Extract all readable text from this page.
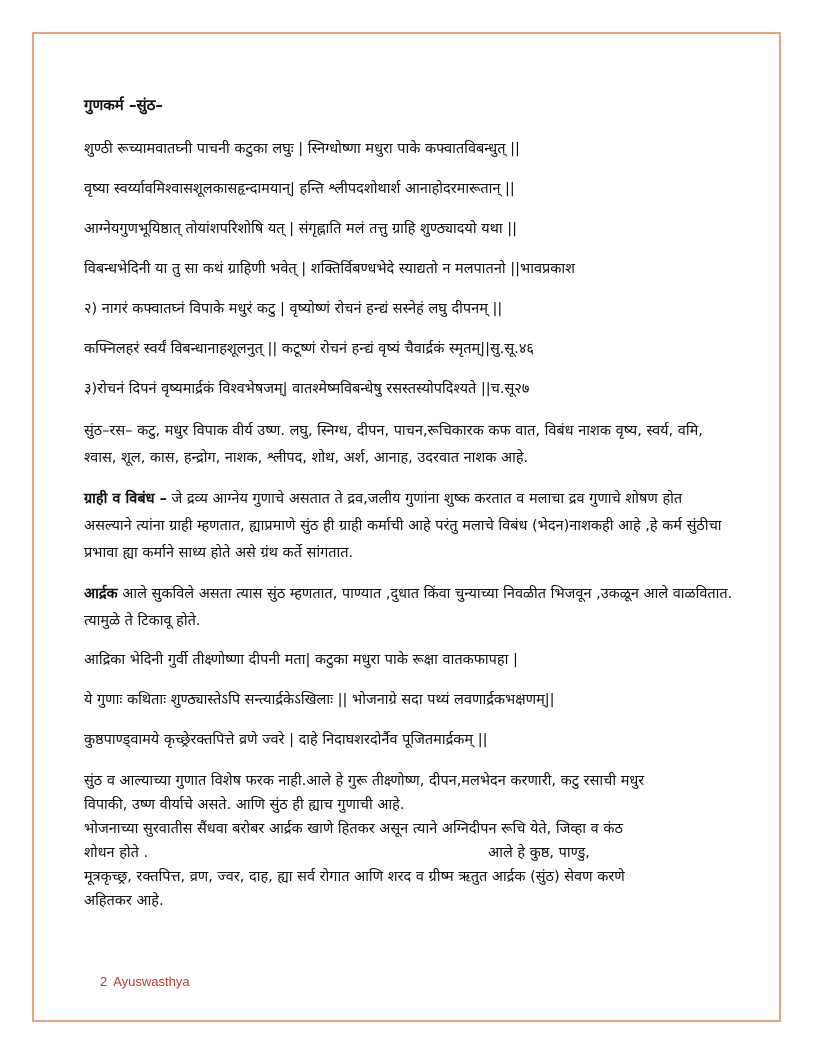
गुणकर्म –सुंठ–
शुण्ठी रूच्यामवातघ्नी पाचनी कटुका लघुः | स्निग्धोष्णा मधुरा पाके कफ्वातविबन्धुत् ||
वृष्या स्वर्य्यावमिश्वासशूलकासहृन्दामयान्| हन्ति श्लीपदशोथार्श आनाहोदरमारूतान् ||
आग्नेयगुणभूयिष्ठात् तोयांशपरिशोषि यत् | संगृह्नाति मलं तत्तु ग्राहि शुण्ठ्यादयो यथा ||
विबन्धभेदिनी या तु सा कथं ग्राहिणी भवेत् | शक्तिर्विबण्धभेदे स्याद्यतो न मलपातनो ||भावप्रकाश
२) नागरं कफ्वातघ्नं विपाके मधुरं कटु | वृष्योष्णं रोचनं हन्द्यं सस्नेहं लघु दीपनम् ||
कफ्निलहरं स्वर्यं विबन्धानाहशूलनुत् || कटूष्णं रोचनं हन्द्यं वृष्यं चैवार्द्रकं स्मृतम्||सु.सू.४६
३)रोचनं दिपनं वृष्यमार्द्रकं विश्वभेषजम्| वातश्मेष्मविबन्धेषु रसस्तस्योपदिश्यते ||च.सू२७

सुंठ–रस– कटु, मधुर विपाक वीर्य उष्ण. लघु, स्निग्ध, दीपन, पाचन,रूचिकारक कफ वात, विबंध नाशक वृष्य, स्वर्य, वमि, श्वास, शूल, कास, हन्द्रोग, नाशक, श्लीपद, शोथ, अर्श, आनाह, उदरवात नाशक आहे.

ग्राही व विबंध – जे द्रव्य आग्नेय गुणाचे असतात ते द्रव,जलीय गुणांना शुष्क करतात व मलाचा द्रव गुणाचे शोषण होत असल्याने त्यांना ग्राही म्हणतात, ह्याप्रमाणे सुंठ ही ग्राही कर्माची आहे परंतु मलाचे विबंध (भेदन)नाशकही आहे ,हे कर्म सुंठीचा प्रभावा ह्या कर्माने साध्य होते असे ग्रंथ कर्ते सांगतात.

आर्द्रक आले सुकविले असता त्यास सुंठ म्हणतात, पाण्यात ,दुधात किंवा चुन्याच्या निवळीत भिजवून ,उकळून आले वाळवितात. त्यामुळे ते टिकावू होते.

आद्रिका भेदिनी गुर्वी तीक्ष्णोष्णा दीपनी मता| कटुका मधुरा पाके रूक्षा वातकफापहा |
ये गुणाः कथिताः शुण्ठ्यास्तेऽपि सन्त्यार्द्रकेऽखिलाः || भोजनाग्रे सदा पथ्यं लवणार्द्रकभक्षणम्||
कुष्ठपाण्ड्वामये कृच्छ्रेरक्तपित्ते व्रणे ज्वरे | दाहे निदाघशरदोर्नैव पूजितमार्द्रकम् ||
सुंठ व आल्याच्या गुणात विशेष फरक नाही.आले हे गुरू तीक्ष्णोष्ण, दीपन,मलभेदन करणारी, कटु रसाची मधुर
विपाकी, उष्ण वीर्याचे असते. आणि सुंठ ही ह्याच गुणाची आहे.
भोजनाच्या सुरवातीस सैंधवा बरोबर आर्द्रक खाणे हितकर असून त्याने अग्निदीपन रूचि येते, जिव्हा व कंठ
शोधन होते .	आले हे कुष्ठ, पाण्डु,
मूत्रकृच्छ्र, रक्तपित्त, व्रण, ज्वर, दाह, ह्या सर्व रोगात आणि शरद व ग्रीष्म ऋतुत आर्द्रक (सुंठ) सेवण करणे
अहितकर आहे.
2 Ayuswasthya
